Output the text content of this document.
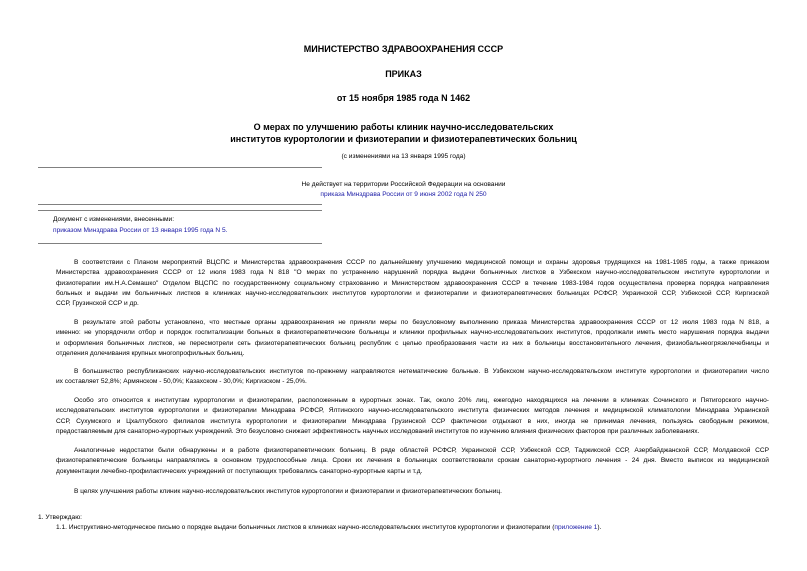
МИНИСТЕРСТВО ЗДРАВООХРАНЕНИЯ СССР
ПРИКАЗ
от 15 ноября 1985 года N 1462
О мерах по улучшению работы клиник научно-исследовательских
институтов курортологии и физиотерапии и физиотерапевтических больниц
(с изменениями на 13 января 1995 года)
Не действует на территории Российской Федерации на основании
приказа Минздрава России от 9 июня 2002 года N 250
Документ с изменениями, внесенными:
приказом Минздрава России от 13 января 1995 года N 5.
В соответствии с Планом мероприятий ВЦСПС и Министерства здравоохранения СССР по дальнейшему улучшению медицинской помощи и охраны здоровья трудящихся на 1981-1985 годы, а также приказом
Министерства здравоохранения СССР от 12 июля 1983 года N 818 "О мерах по устранению нарушений порядка выдачи больничных листков в Узбекском научно-исследовательском институте курортологии и
физиотерапии им.Н.А.Семашко" Отделом ВЦСПС по государственному социальному страхованию и Министерством здравоохранения СССР в течение 1983-1984 годов осуществлена проверка порядка направления
больных и выдачи им больничных листков в клиниках научно-исследовательских институтов курортологии и физиотерапии и физиотерапевтических больницах РСФСР, Украинской ССР, Узбекской ССР, Киргизской
ССР, Грузинской ССР и др.
В результате этой работы установлено, что местные органы здравоохранения не приняли меры по безусловному выполнению приказа Министерства здравоохранения СССР от 12 июля 1983 года N 818, а
именно: не упорядочили отбор и порядок госпитализации больных в физиотерапевтические больницы и клиники профильных научно-исследовательских институтов, продолжали иметь место нарушения порядка выдачи
и оформления больничных листков, не пересмотрели сеть физиотерапевтических больниц республик с целью преобразования части из них в больницы восстановительного лечения, физиобальнеогрязелечебницы и
отделения долечивания крупных многопрофильных больниц.
В большинство республиканских научно-исследовательских институтов по-прежнему направляются нетематические больные. В Узбекском научно-исследовательском институте курортологии и физиотерапии число
их составляет 52,8%; Армянском - 50,0%; Казахском - 30,0%; Киргизском - 25,0%.
Особо это относится к институтам курортологии и физиотерапии, расположенным в курортных зонах. Так, около 20% лиц, ежегодно находящихся на лечении в клиниках Сочинского и Пятигорского научно-
исследовательских институтов курортологии и физиотерапии Минздрава РСФСР, Ялтинского научно-исследовательского института физических методов лечения и медицинской климатологии Минздрава Украинской
ССР, Сухумского и Цхалтубского филиалов института курортологии и физиотерапии Минздрава Грузинской ССР фактически отдыхают в них, иногда не принимая лечения, пользуясь свободным режимом,
предоставляемым для санаторно-курортных учреждений. Это безусловно снижает эффективность научных исследований институтов по изучению влияния физических факторов при различных заболеваниях.
Аналогичные недостатки были обнаружены и в работе физиотерапевтических больниц. В ряде областей РСФСР, Украинской ССР, Узбекской ССР, Таджикской ССР, Азербайджанской ССР, Молдавской ССР
физиотерапевтические больницы направлялись в основном трудоспособные лица. Сроки их лечения в больницах соответствовали срокам санаторно-курортного лечения - 24 дня. Вместо выписок из медицинской
документации лечебно-профилактических учреждений от поступающих требовались санаторно-курортные карты и т.д.
В целях улучшения работы клиник научно-исследовательских институтов курортологии и физиотерапии и физиотерапевтических больниц.
1. Утверждаю:
1.1. Инструктивно-методическое письмо о порядке выдачи больничных листков в клиниках научно-исследовательских институтов курортологии и физиотерапии (приложение 1).
